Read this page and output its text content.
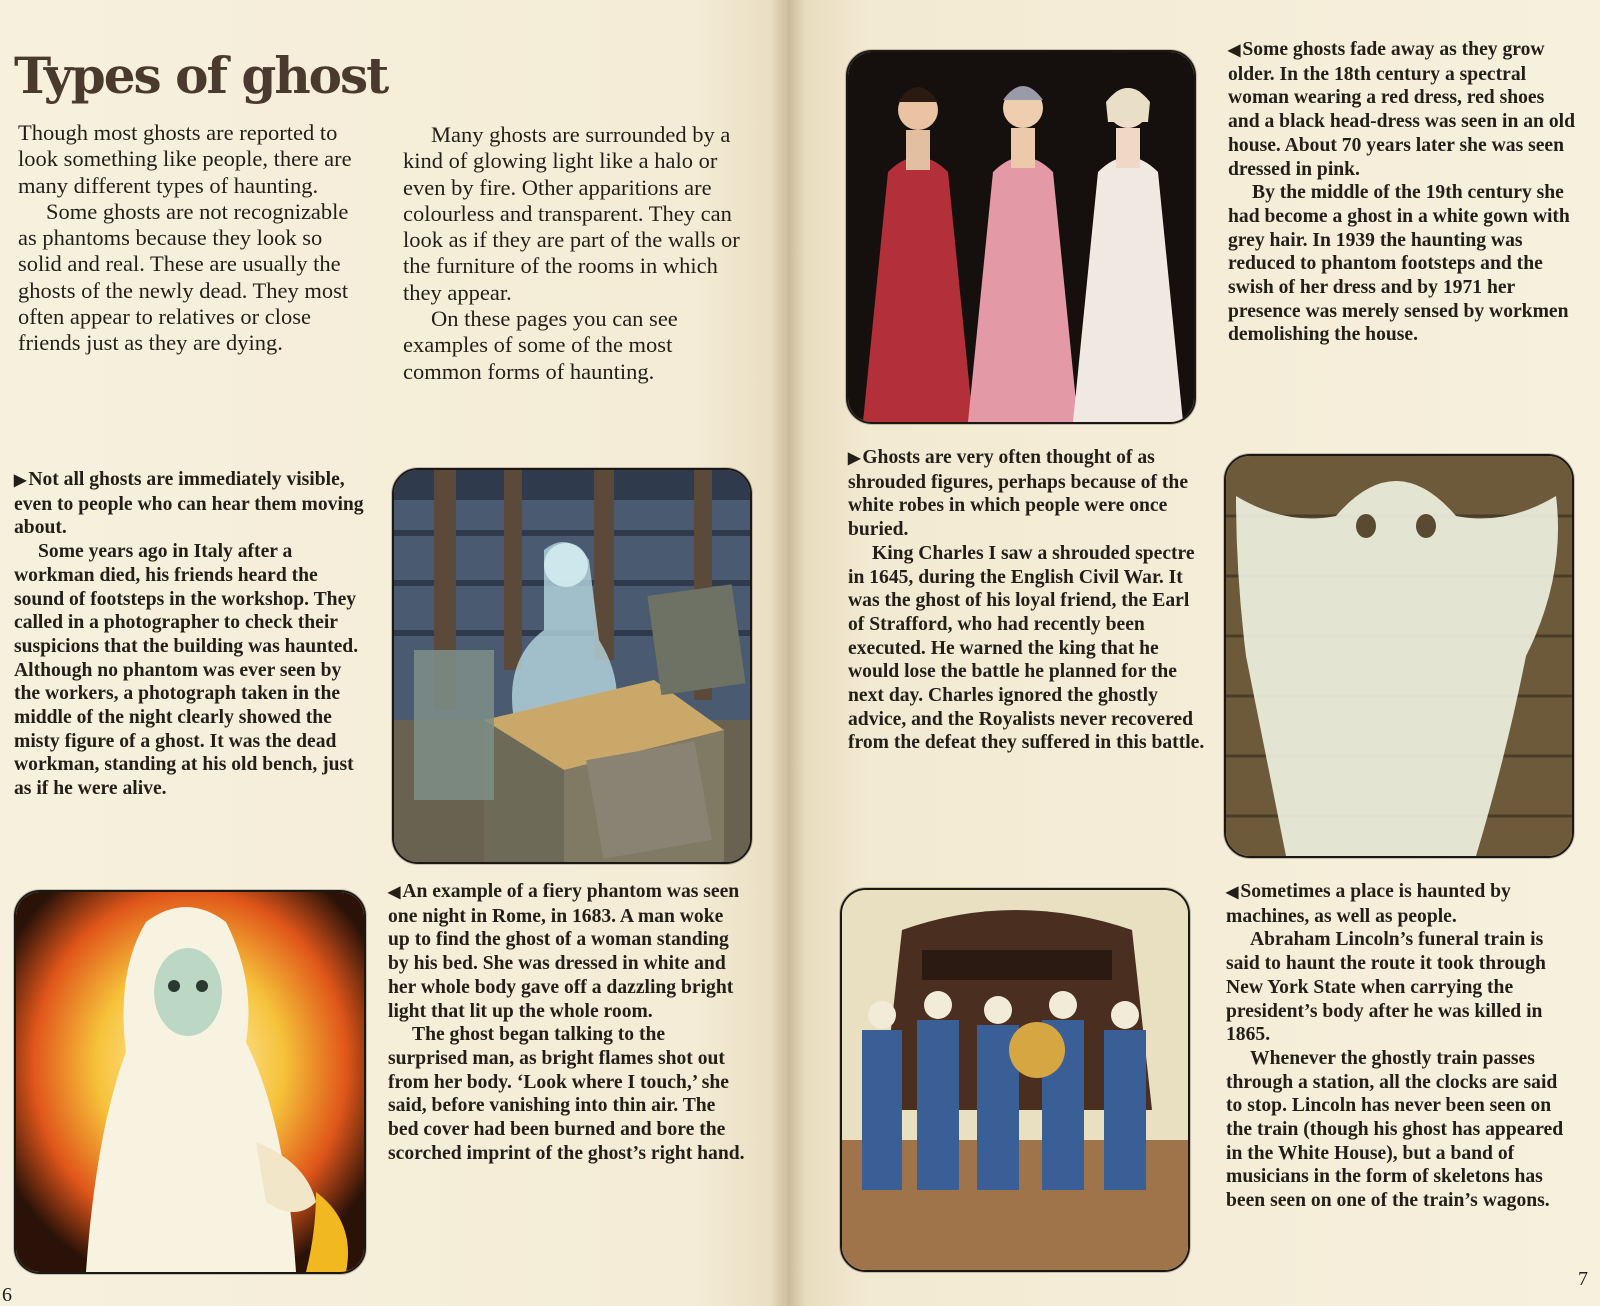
Types of ghost

Though most ghosts are reported to look something like people, there are many different types of haunting.

Some ghosts are not recognizable as phantoms because they look so solid and real. These are usually the ghosts of the newly dead. They most often appear to relatives or close friends just as they are dying.

Many ghosts are surrounded by a kind of glowing light like a halo or even by fire. Other apparitions are colourless and transparent. They can look as if they are part of the walls or the furniture of the rooms in which they appear.

On these pages you can see examples of some of the most common forms of haunting.

▶ Not all ghosts are immediately visible, even to people who can hear them moving about.

Some years ago in Italy after a workman died, his friends heard the sound of footsteps in the workshop. They called in a photographer to check their suspicions that the building was haunted. Although no phantom was ever seen by the workers, a photograph taken in the middle of the night clearly showed the misty figure of a ghost. It was the dead workman, standing at his old bench, just as if he were alive.

◀ An example of a fiery phantom was seen one night in Rome, in 1683. A man woke up to find the ghost of a woman standing by his bed. She was dressed in white and her whole body gave off a dazzling bright light that lit up the whole room.

The ghost began talking to the surprised man, as bright flames shot out from her body. ‘Look where I touch,’ she said, before vanishing into thin air. The bed cover had been burned and bore the scorched imprint of the ghost’s right hand.

6

◀ Some ghosts fade away as they grow older. In the 18th century a spectral woman wearing a red dress, red shoes and a black head-dress was seen in an old house. About 70 years later she was seen dressed in pink.

By the middle of the 19th century she had become a ghost in a white gown with grey hair. In 1939 the haunting was reduced to phantom footsteps and the swish of her dress and by 1971 her presence was merely sensed by workmen demolishing the house.

▶ Ghosts are very often thought of as shrouded figures, perhaps because of the white robes in which people were once buried.

King Charles I saw a shrouded spectre in 1645, during the English Civil War. It was the ghost of his loyal friend, the Earl of Strafford, who had recently been executed. He warned the king that he would lose the battle he planned for the next day. Charles ignored the ghostly advice, and the Royalists never recovered from the defeat they suffered in this battle.

◀ Sometimes a place is haunted by machines, as well as people.

Abraham Lincoln’s funeral train is said to haunt the route it took through New York State when carrying the president’s body after he was killed in 1865.

Whenever the ghostly train passes through a station, all the clocks are said to stop. Lincoln has never been seen on the train (though his ghost has appeared in the White House), but a band of musicians in the form of skeletons has been seen on one of the train’s wagons.

7
